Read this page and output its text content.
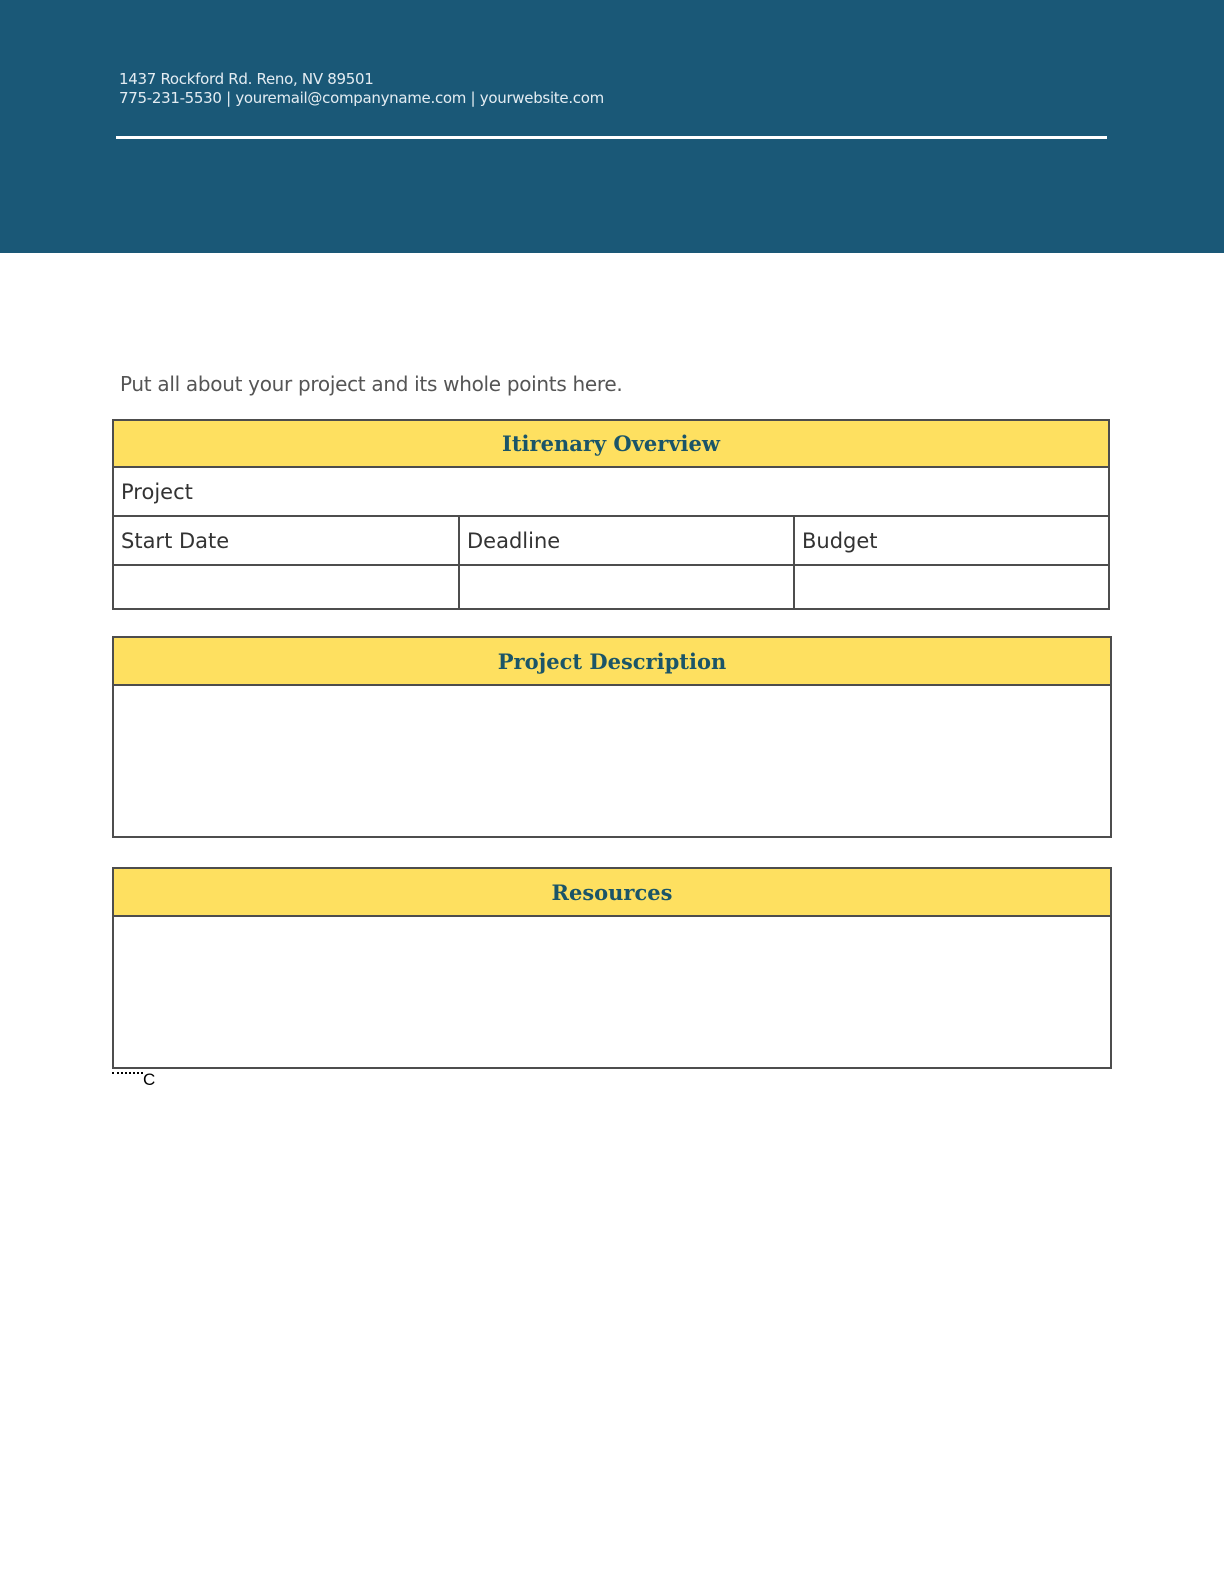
1437 Rockford Rd. Reno, NV 89501
775-231-5530 | youremail@companyname.com | yourwebsite.com
Put all about your project and its whole points here.
Itirenary Overview		
Project		
Start Date	Deadline	Budget

Project Description

Resources

C
